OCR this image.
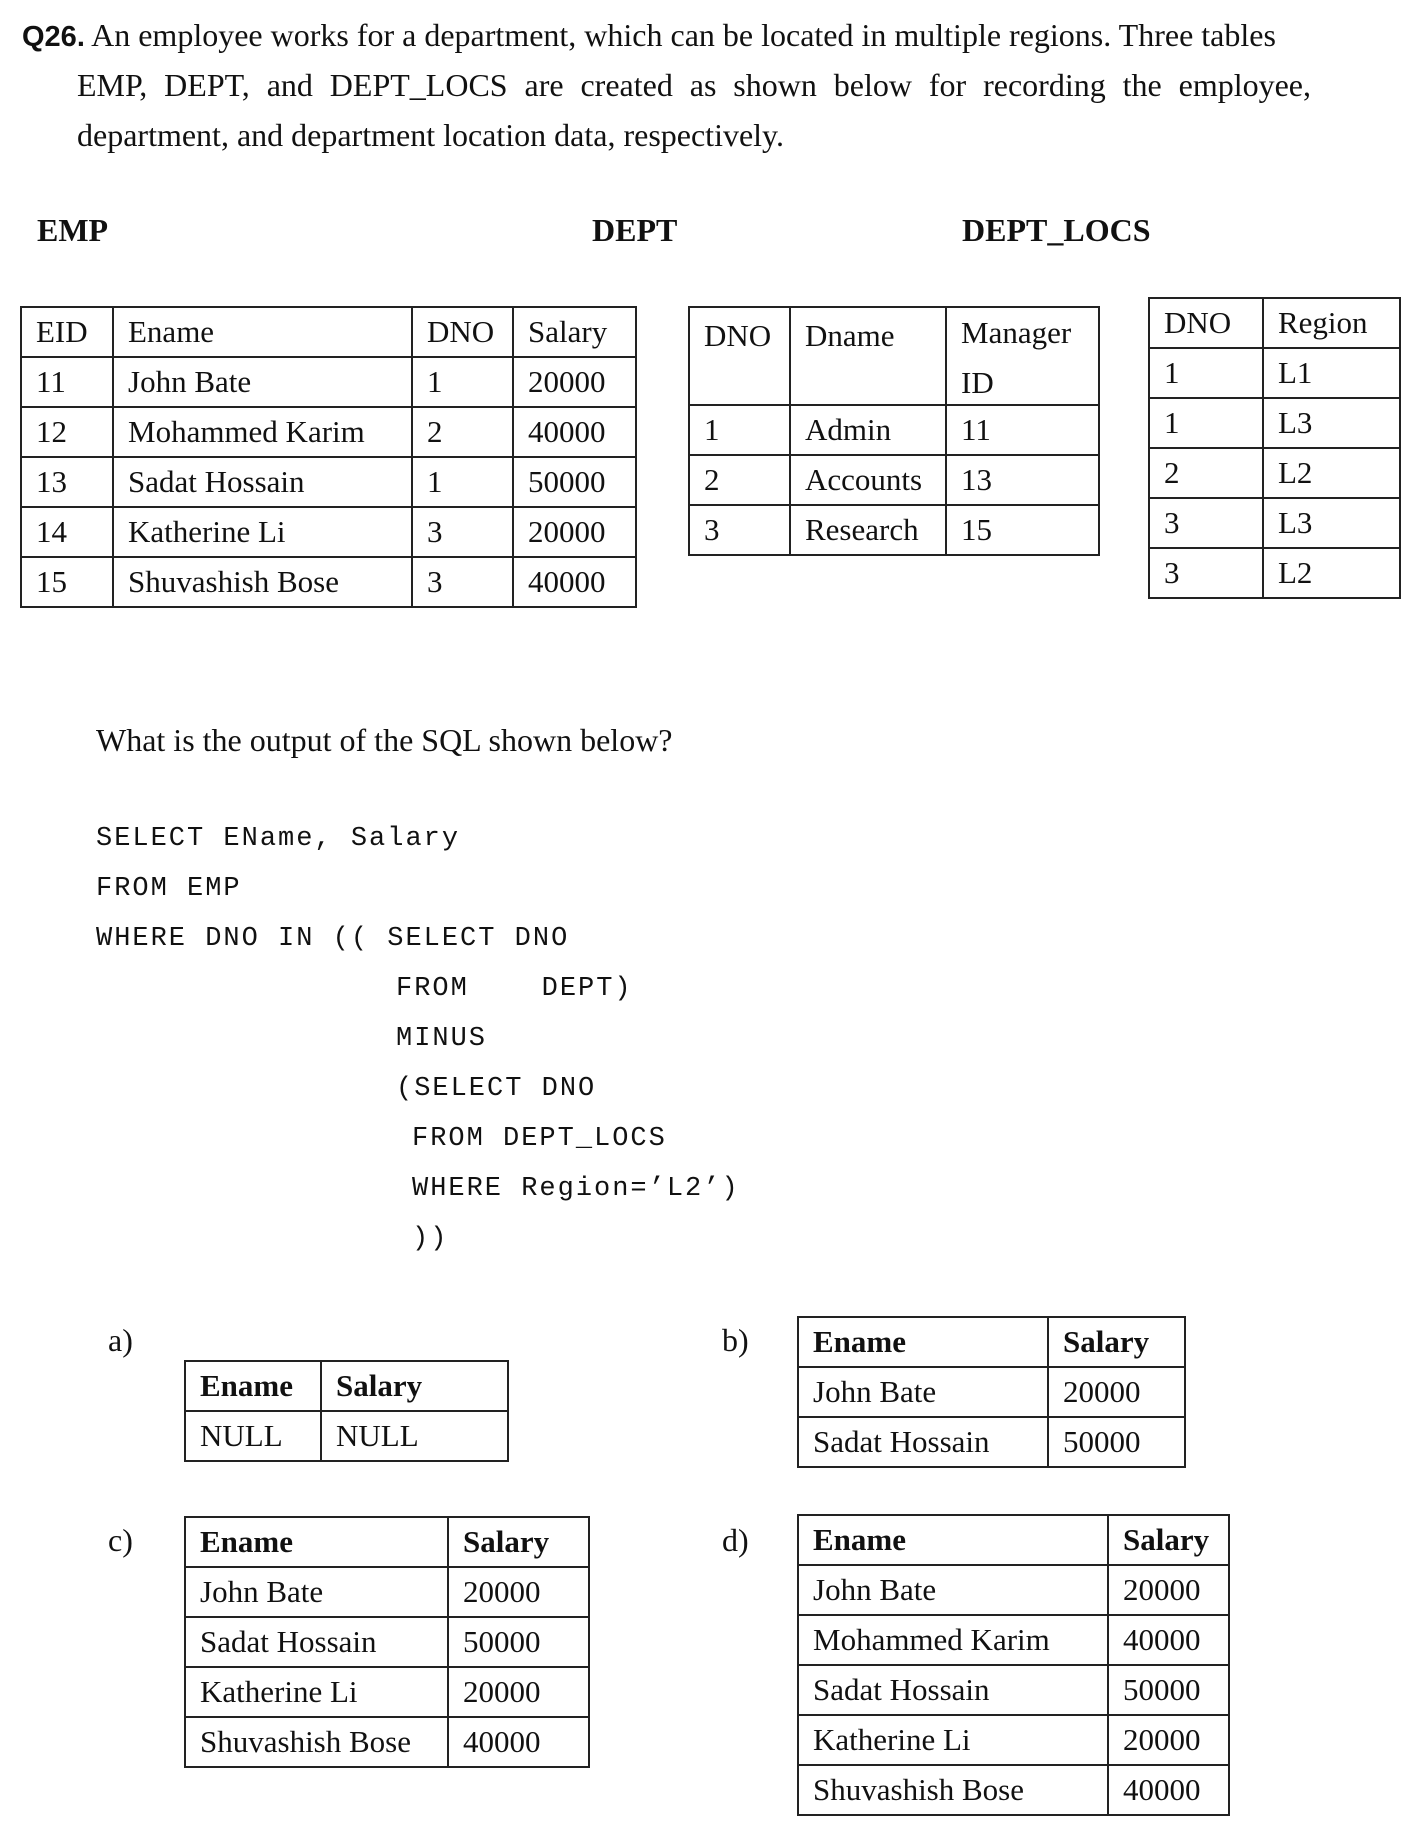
Q26. An employee works for a department, which can be located in multiple regions. Three tables
EMP, DEPT, and DEPT_LOCS are created as shown below for recording the employee,
department, and department location data, respectively.
EMP	DEPT	DEPT_LOCS
EID	Ename	DNO	Salary
11	John Bate	1	20000
12	Mohammed Karim	2	40000
13	Sadat Hossain	1	50000
14	Katherine Li	3	20000
15	Shuvashish Bose	3	40000
DNO	Dname	Manager
ID

1	Admin	11
2	Accounts	13
3	Research	15
DNO	Region
1	L1
1	L3
2	L2
3	L3
3	L2
What is the output of the SQL shown below?
SELECT EName, Salary
FROM EMP
WHERE DNO IN (( SELECT DNO
FROM    DEPT)
MINUS
(SELECT DNO
FROM DEPT_LOCS
WHERE Region=’L2’)
))
a)
Ename	Salary
NULL	NULL
b) Ename	Salary
John Bate	20000
Sadat Hossain	50000
c) Ename	Salary
John Bate	20000
Sadat Hossain	50000
Katherine Li	20000
Shuvashish Bose	40000
d) Ename	Salary
John Bate	20000
Mohammed Karim	40000
Sadat Hossain	50000
Katherine Li	20000
Shuvashish Bose	40000
